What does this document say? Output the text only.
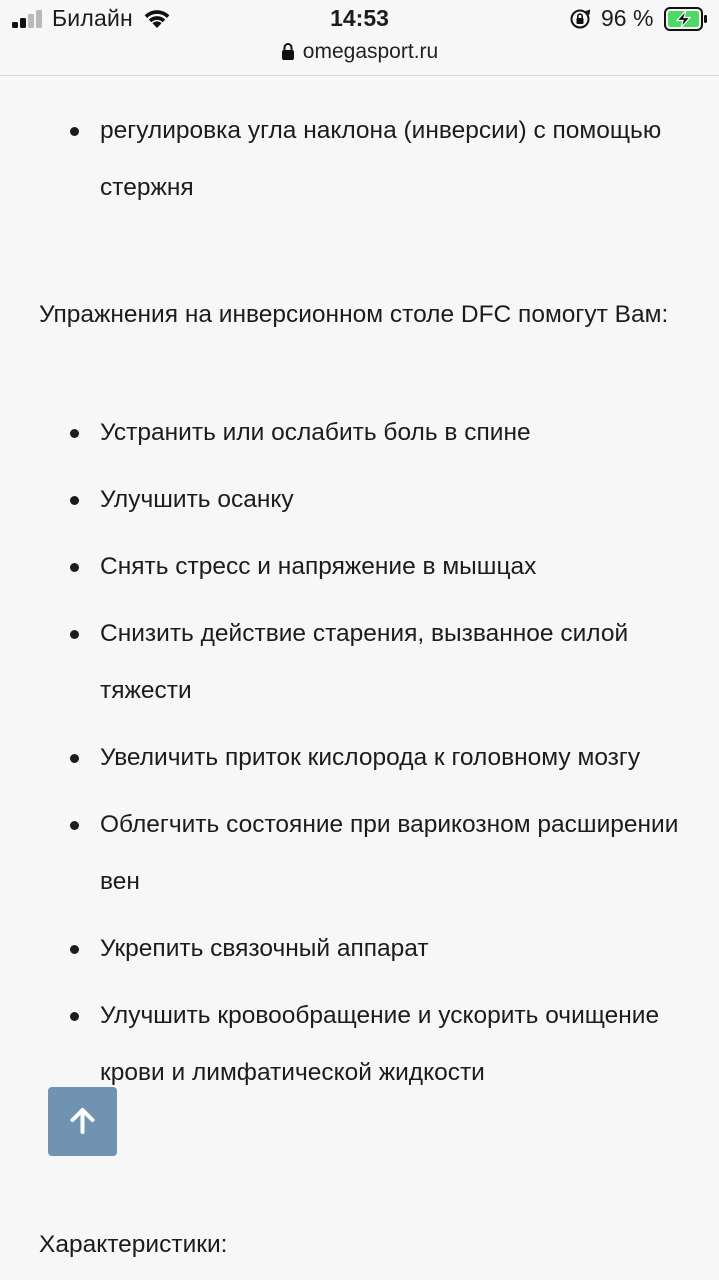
Билайн	14:53	96 %
omegasport.ru

регулировка угла наклона (инверсии) с помощью стержня
Упражнения на инверсионном столе DFC помогут Вам:
Устранить или ослабить боль в спине
Улучшить осанку
Снять стресс и напряжение в мышцах
Снизить действие старения, вызванное силой тяжести
Увеличить приток кислорода к головному мозгу
Облегчить состояние при варикозном расширении вен
Укрепить связочный аппарат
Улучшить кровообращение и ускорить очищение крови и лимфатической жидкости
Характеристики:
